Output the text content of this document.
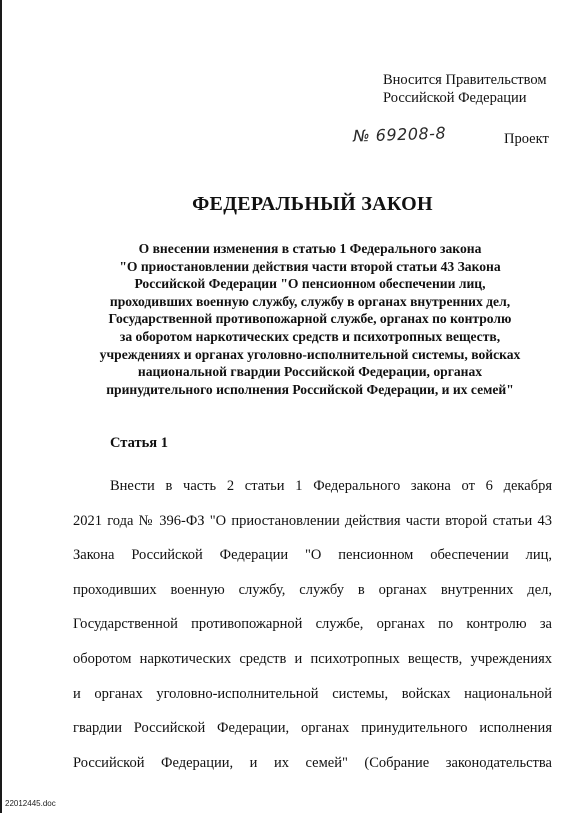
Вносится Правительством
Российской Федерации
№ 69208-8	Проект
ФЕДЕРАЛЬНЫЙ ЗАКОН
О внесении изменения в статью 1 Федерального закона
"О приостановлении действия части второй статьи 43 Закона
Российской Федерации "О пенсионном обеспечении лиц,
проходивших военную службу, службу в органах внутренних дел,
Государственной противопожарной службе, органах по контролю
за оборотом наркотических средств и психотропных веществ,
учреждениях и органах уголовно-исполнительной системы, войсках
национальной гвардии Российской Федерации, органах
принудительного исполнения Российской Федерации, и их семей"
Статья 1
Внести в часть 2 статьи 1 Федерального закона от 6 декабря
2021 года № 396-ФЗ "О приостановлении действия части второй статьи 43
Закона Российской Федерации "О пенсионном обеспечении лиц,
проходивших военную службу, службу в органах внутренних дел,
Государственной противопожарной службе, органах по контролю за
оборотом наркотических средств и психотропных веществ, учреждениях
и органах уголовно-исполнительной системы, войсках национальной
гвардии Российской Федерации, органах принудительного исполнения
Российской Федерации, и их семей" (Собрание законодательства
22012445.doc
